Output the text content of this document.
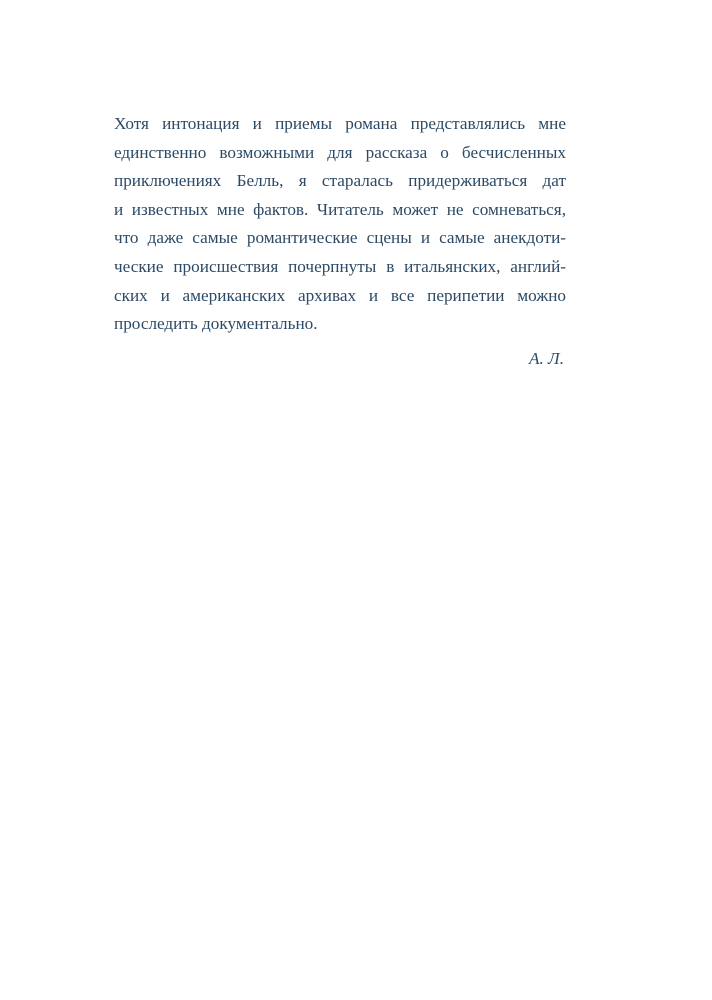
Хотя интонация и приемы романа представлялись мне
единственно возможными для рассказа о бесчисленных
приключениях Белль, я старалась придерживаться дат
и известных мне фактов. Читатель может не сомневаться,
что даже самые романтические сцены и самые анекдоти-
ческие происшествия почерпнуты в итальянских, англий-
ских и американских архивах и все перипетии можно
проследить документально.
А. Л.
